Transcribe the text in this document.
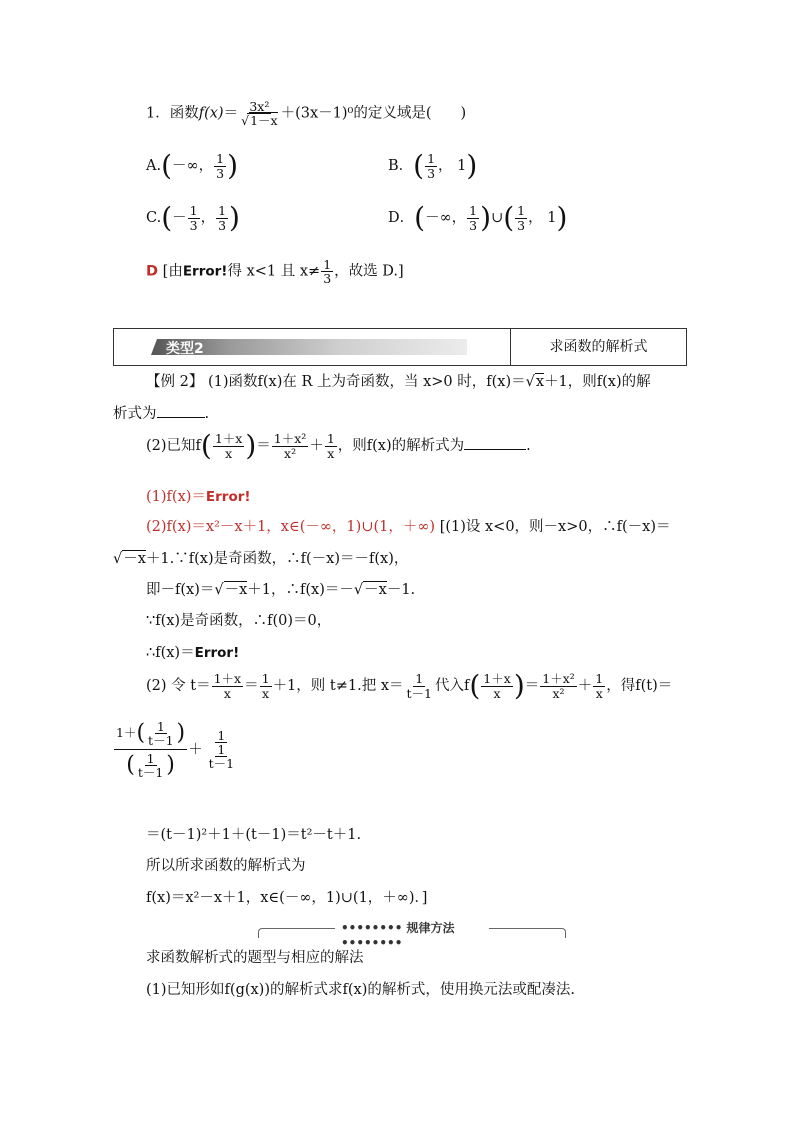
1．函数$f(x)= \frac{\text{3x²}}{√1-x} +(3x-1)^0$的定义域是(　　)
A.(－∞， $\frac{1}{3}$ )	B．( $\frac{1}{3}$ ， 1)
$C.(- \frac{1}{3}$ ， $\frac{1}{3}$ )	D．(－∞， $\frac{1}{3}$ )∪( $\frac{1}{3}$ ， 1)
D [由Error!得 x<1 且 $x\ne \frac{1}{3}$ ，故选 D.]
类型2	求函数的解析式
【例 2】 (1)函数f(x)在 R 上为奇函数，当 x>0 时，f(x)＝√x＋1，则f(x)的解
析式为	.
(2)已知$f( \frac{1+x}{x}$ )＝ $\frac{\text{1＋x²}}{\text{x²}} + \frac{1}{x}$ ，则f(x)的解析式为	.
(1)f(x)＝Error!
(2)f(x)＝x²－x＋1，x∈(－∞，1)∪(1，＋∞) [(1)设 x<0，则－x>0，∴f(－x)＝
√－x＋1.∵f(x)是奇函数，∴f(－x)＝－f(x)，
即－f(x)＝√－x＋1，∴f(x)＝－√－x－1.
∵f(x)是奇函数，∴f(0)＝0，
∴f(x)＝Error!
(2) 令 $t= \frac{1+x}{x} = \frac{1}{x} +1$，则 t≠1.把 $x= \frac{1}{t-1}$ 代入$f( \frac{1+x}{x}$ )＝ $\frac{\text{1＋x²}}{\text{x²}} + \frac{1}{x}$ ，得f(t)＝
$\frac{1+( \frac{1}{t-1} )}{( \frac{1}{t-1} )} + \frac{1}{\frac{1}{t-1}}$
＝(t－1)²＋1＋(t－1)＝t²－t＋1.
所以所求函数的解析式为
f(x)＝x²－x＋1，x∈(－∞，1)∪(1，＋∞)．]
•••••••• 规律方法 ••••••••
求函数解析式的题型与相应的解法
(1)已知形如f(g(x))的解析式求f(x)的解析式，使用换元法或配凑法.
